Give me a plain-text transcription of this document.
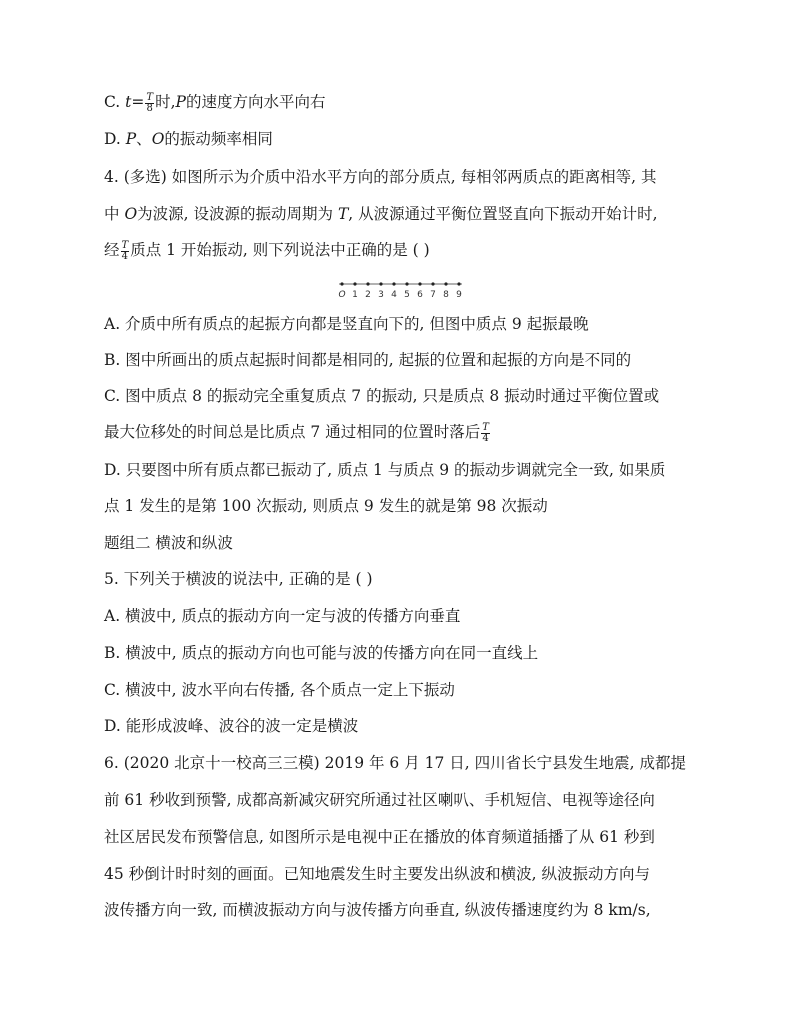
C. $t= \frac{T}{8}$ 时,P的速度方向水平向右
D. P、O的振动频率相同
4. (多选) 如图所示为介质中沿水平方向的部分质点, 每相邻两质点的距离相等, 其
中 O为波源, 设波源的振动周期为 T, 从波源通过平衡位置竖直向下振动开始计时,
经 $\frac{T}{4}$ 质点 1 开始振动, 则下列说法中正确的是 ( )
O 1 2 3 4 5 6 7 8 9
A. 介质中所有质点的起振方向都是竖直向下的, 但图中质点 9 起振最晚
B. 图中所画出的质点起振时间都是相同的, 起振的位置和起振的方向是不同的
C. 图中质点 8 的振动完全重复质点 7 的振动, 只是质点 8 振动时通过平衡位置或
最大位移处的时间总是比质点 7 通过相同的位置时落后 $\frac{T}{4}$
D. 只要图中所有质点都已振动了, 质点 1 与质点 9 的振动步调就完全一致, 如果质
点 1 发生的是第 100 次振动, 则质点 9 发生的就是第 98 次振动
题组二 横波和纵波
5. 下列关于横波的说法中, 正确的是 ( )
A. 横波中, 质点的振动方向一定与波的传播方向垂直
B. 横波中, 质点的振动方向也可能与波的传播方向在同一直线上
C. 横波中, 波水平向右传播, 各个质点一定上下振动
D. 能形成波峰、波谷的波一定是横波
6. (2020 北京十一校高三三模) 2019 年 6 月 17 日, 四川省长宁县发生地震, 成都提
前 61 秒收到预警, 成都高新减灾研究所通过社区喇叭、手机短信、电视等途径向
社区居民发布预警信息, 如图所示是电视中正在播放的体育频道插播了从 61 秒到
45 秒倒计时时刻的画面。已知地震发生时主要发出纵波和横波, 纵波振动方向与
波传播方向一致, 而横波振动方向与波传播方向垂直, 纵波传播速度约为 8 km/s,
